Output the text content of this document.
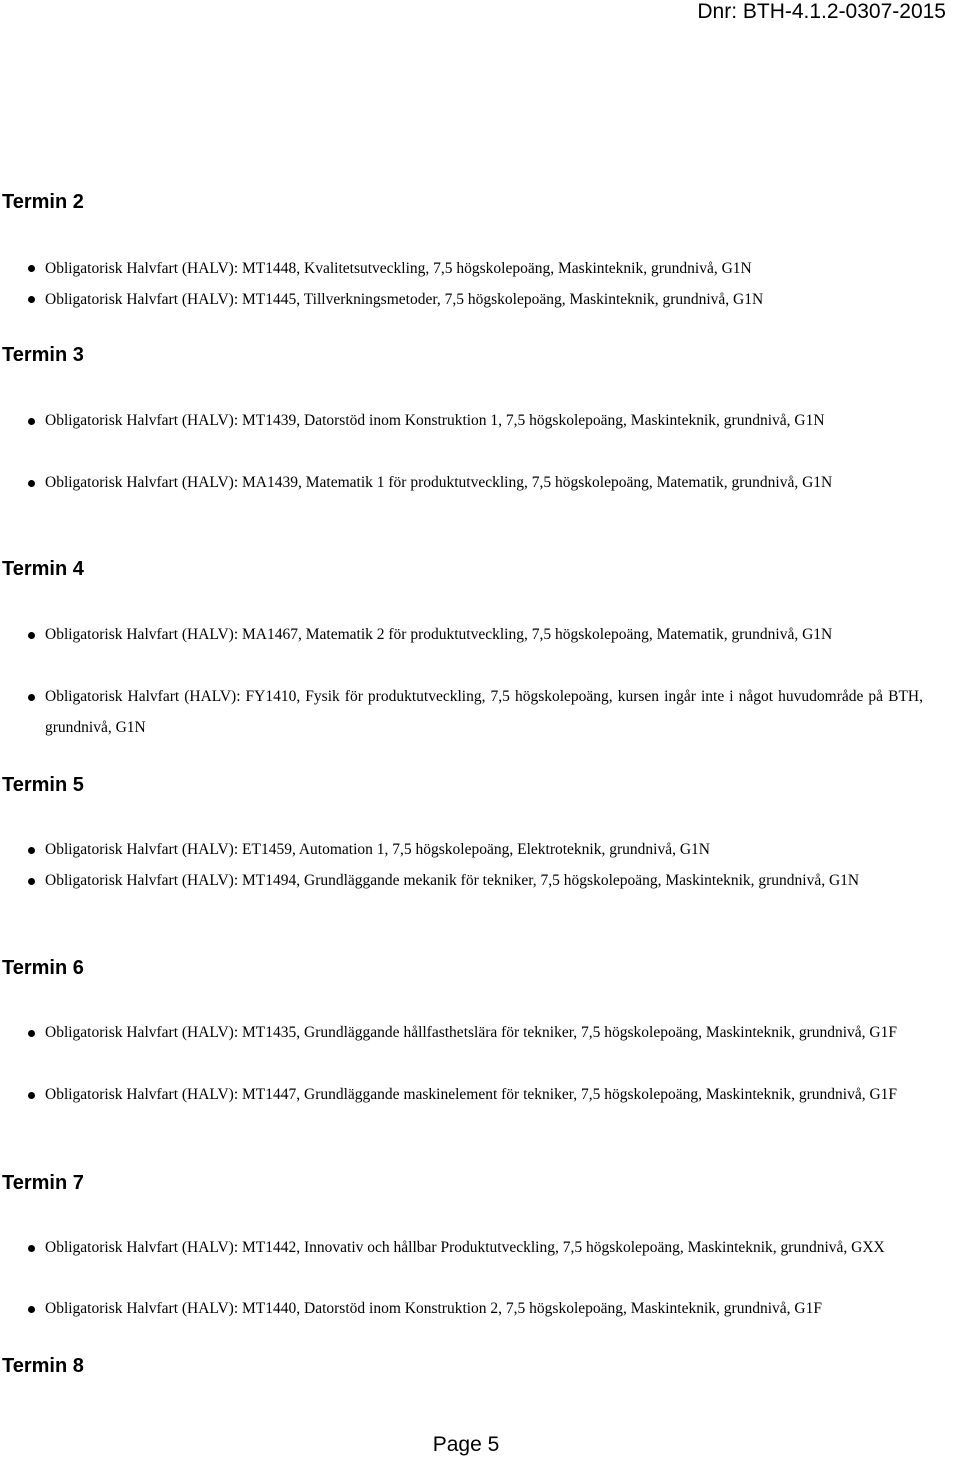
Dnr: BTH-4.1.2-0307-2015
Termin 2
Obligatorisk Halvfart (HALV): MT1448, Kvalitetsutveckling, 7,5 högskolepoäng, Maskinteknik, grundnivå, G1N
Obligatorisk Halvfart (HALV): MT1445, Tillverkningsmetoder, 7,5 högskolepoäng, Maskinteknik, grundnivå, G1N
Termin 3
Obligatorisk Halvfart (HALV): MT1439, Datorstöd inom Konstruktion 1, 7,5 högskolepoäng, Maskinteknik, grundnivå, G1N
Obligatorisk Halvfart (HALV): MA1439, Matematik 1 för produktutveckling, 7,5 högskolepoäng, Matematik, grundnivå, G1N
Termin 4
Obligatorisk Halvfart (HALV): MA1467, Matematik 2 för produktutveckling, 7,5 högskolepoäng, Matematik, grundnivå, G1N
Obligatorisk Halvfart (HALV): FY1410, Fysik för produktutveckling, 7,5 högskolepoäng, kursen ingår inte i något huvudområde på BTH, grundnivå, G1N
Termin 5
Obligatorisk Halvfart (HALV): ET1459, Automation 1, 7,5 högskolepoäng, Elektroteknik, grundnivå, G1N
Obligatorisk Halvfart (HALV): MT1494, Grundläggande mekanik för tekniker, 7,5 högskolepoäng, Maskinteknik, grundnivå, G1N
Termin 6
Obligatorisk Halvfart (HALV): MT1435, Grundläggande hållfasthetslära för tekniker, 7,5 högskolepoäng, Maskinteknik, grundnivå, G1F
Obligatorisk Halvfart (HALV): MT1447, Grundläggande maskinelement för tekniker, 7,5 högskolepoäng, Maskinteknik, grundnivå, G1F
Termin 7
Obligatorisk Halvfart (HALV): MT1442, Innovativ och hållbar Produktutveckling, 7,5 högskolepoäng, Maskinteknik, grundnivå, GXX
Obligatorisk Halvfart (HALV): MT1440, Datorstöd inom Konstruktion 2, 7,5 högskolepoäng, Maskinteknik, grundnivå, G1F
Termin 8
Page 5
